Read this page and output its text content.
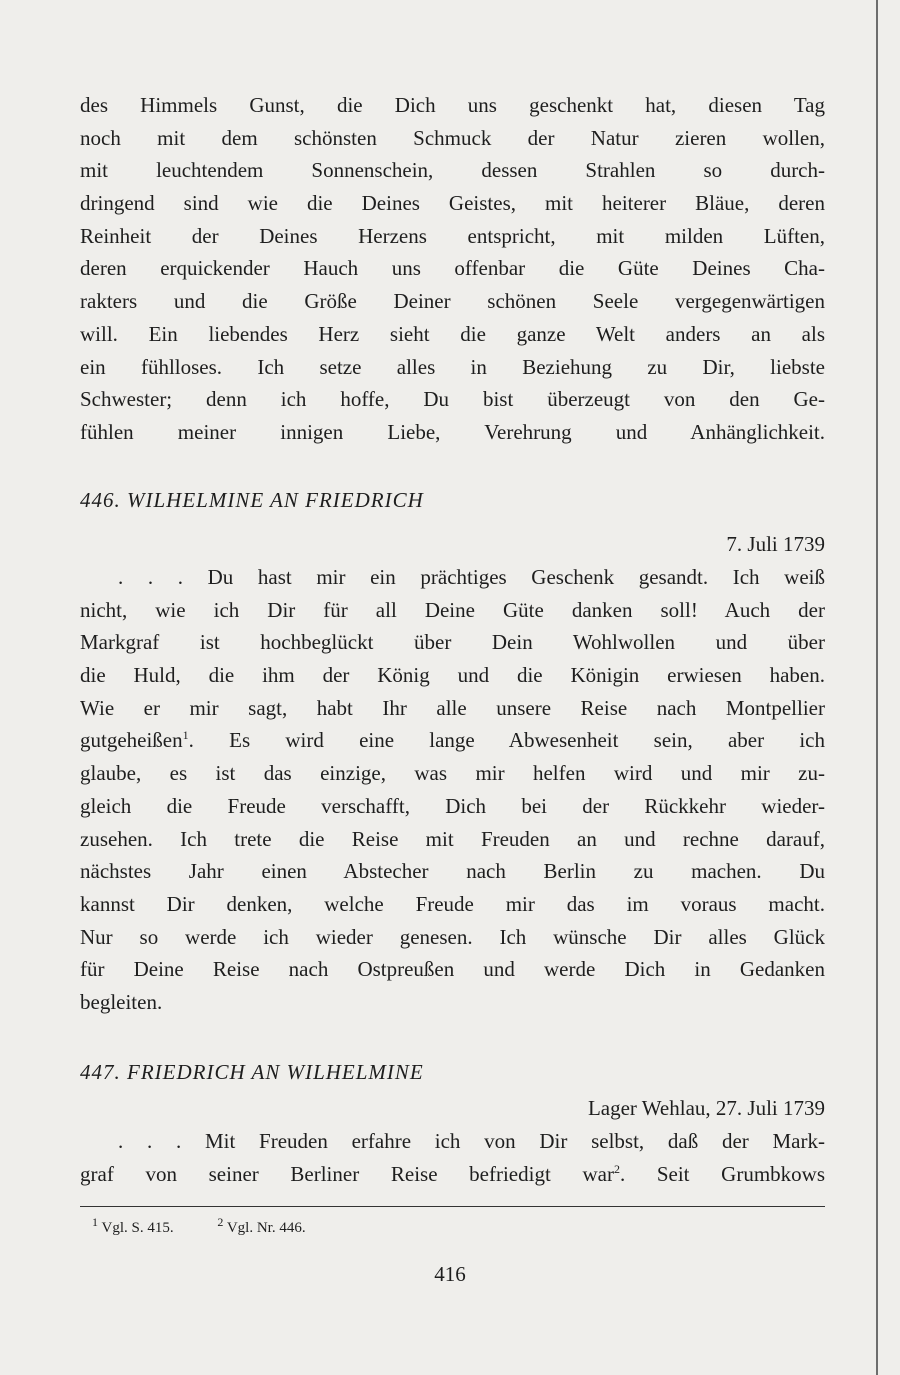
des Himmels Gunst, die Dich uns geschenkt hat, diesen Tag
noch mit dem schönsten Schmuck der Natur zieren wollen,
mit leuchtendem Sonnenschein, dessen Strahlen so durch-
dringend sind wie die Deines Geistes, mit heiterer Bläue, deren
Reinheit der Deines Herzens entspricht, mit milden Lüften,
deren erquickender Hauch uns offenbar die Güte Deines Cha-
rakters und die Größe Deiner schönen Seele vergegenwärtigen
will. Ein liebendes Herz sieht die ganze Welt anders an als
ein fühlloses. Ich setze alles in Beziehung zu Dir, liebste
Schwester; denn ich hoffe, Du bist überzeugt von den Ge-
fühlen meiner innigen Liebe, Verehrung und Anhänglichkeit.
446. WILHELMINE AN FRIEDRICH
7. Juli 1739
. . . Du hast mir ein prächtiges Geschenk gesandt. Ich weiß
nicht, wie ich Dir für all Deine Güte danken soll! Auch der
Markgraf ist hochbeglückt über Dein Wohlwollen und über
die Huld, die ihm der König und die Königin erwiesen haben.
Wie er mir sagt, habt Ihr alle unsere Reise nach Montpellier
gutgeheißen$^1$. Es wird eine lange Abwesenheit sein, aber ich
glaube, es ist das einzige, was mir helfen wird und mir zu-
gleich die Freude verschafft, Dich bei der Rückkehr wieder-
zusehen. Ich trete die Reise mit Freuden an und rechne darauf,
nächstes Jahr einen Abstecher nach Berlin zu machen. Du
kannst Dir denken, welche Freude mir das im voraus macht.
Nur so werde ich wieder genesen. Ich wünsche Dir alles Glück
für Deine Reise nach Ostpreußen und werde Dich in Gedanken
begleiten.
447. FRIEDRICH AN WILHELMINE
Lager Wehlau, 27. Juli 1739
. . . Mit Freuden erfahre ich von Dir selbst, daß der Mark-
graf von seiner Berliner Reise befriedigt war$^2$. Seit Grumbkows
$^1$ Vgl. S. 415.	$^2$ Vgl. Nr. 446.
416
